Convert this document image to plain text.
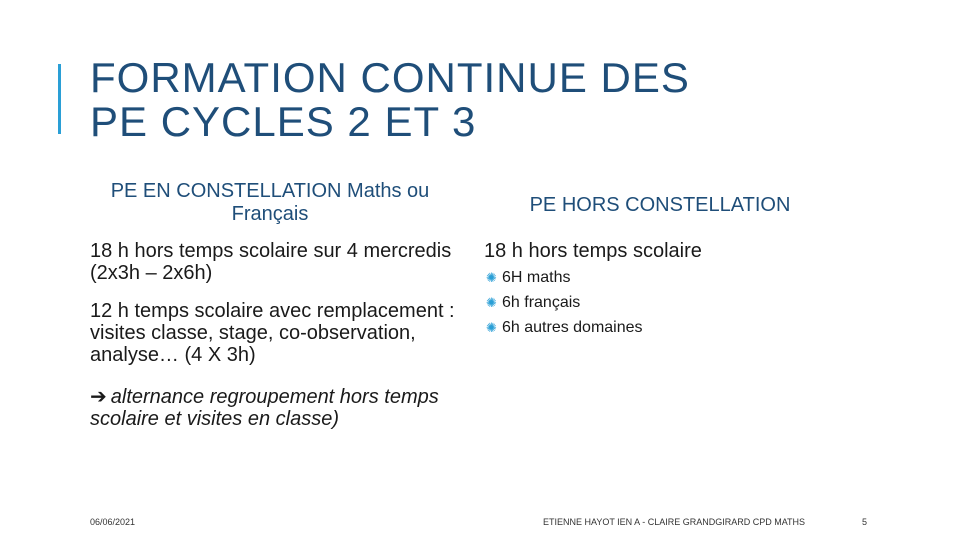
FORMATION CONTINUE DES
PE CYCLES 2 ET 3
PE EN CONSTELLATION Maths ou Français

18 h hors temps scolaire sur 4 mercredis (2x3h – 2x6h)

12 h temps scolaire avec remplacement : visites classe, stage, co-observation, analyse… (4 X 3h)

➔ alternance regroupement hors temps scolaire et visites en classe)

PE HORS CONSTELLATION

18 h hors temps scolaire

✺ 6H maths
✺ 6h français
✺ 6h autres domaines
06/06/2021	ETIENNE HAYOT IEN A - CLAIRE GRANDGIRARD CPD MATHS	5
